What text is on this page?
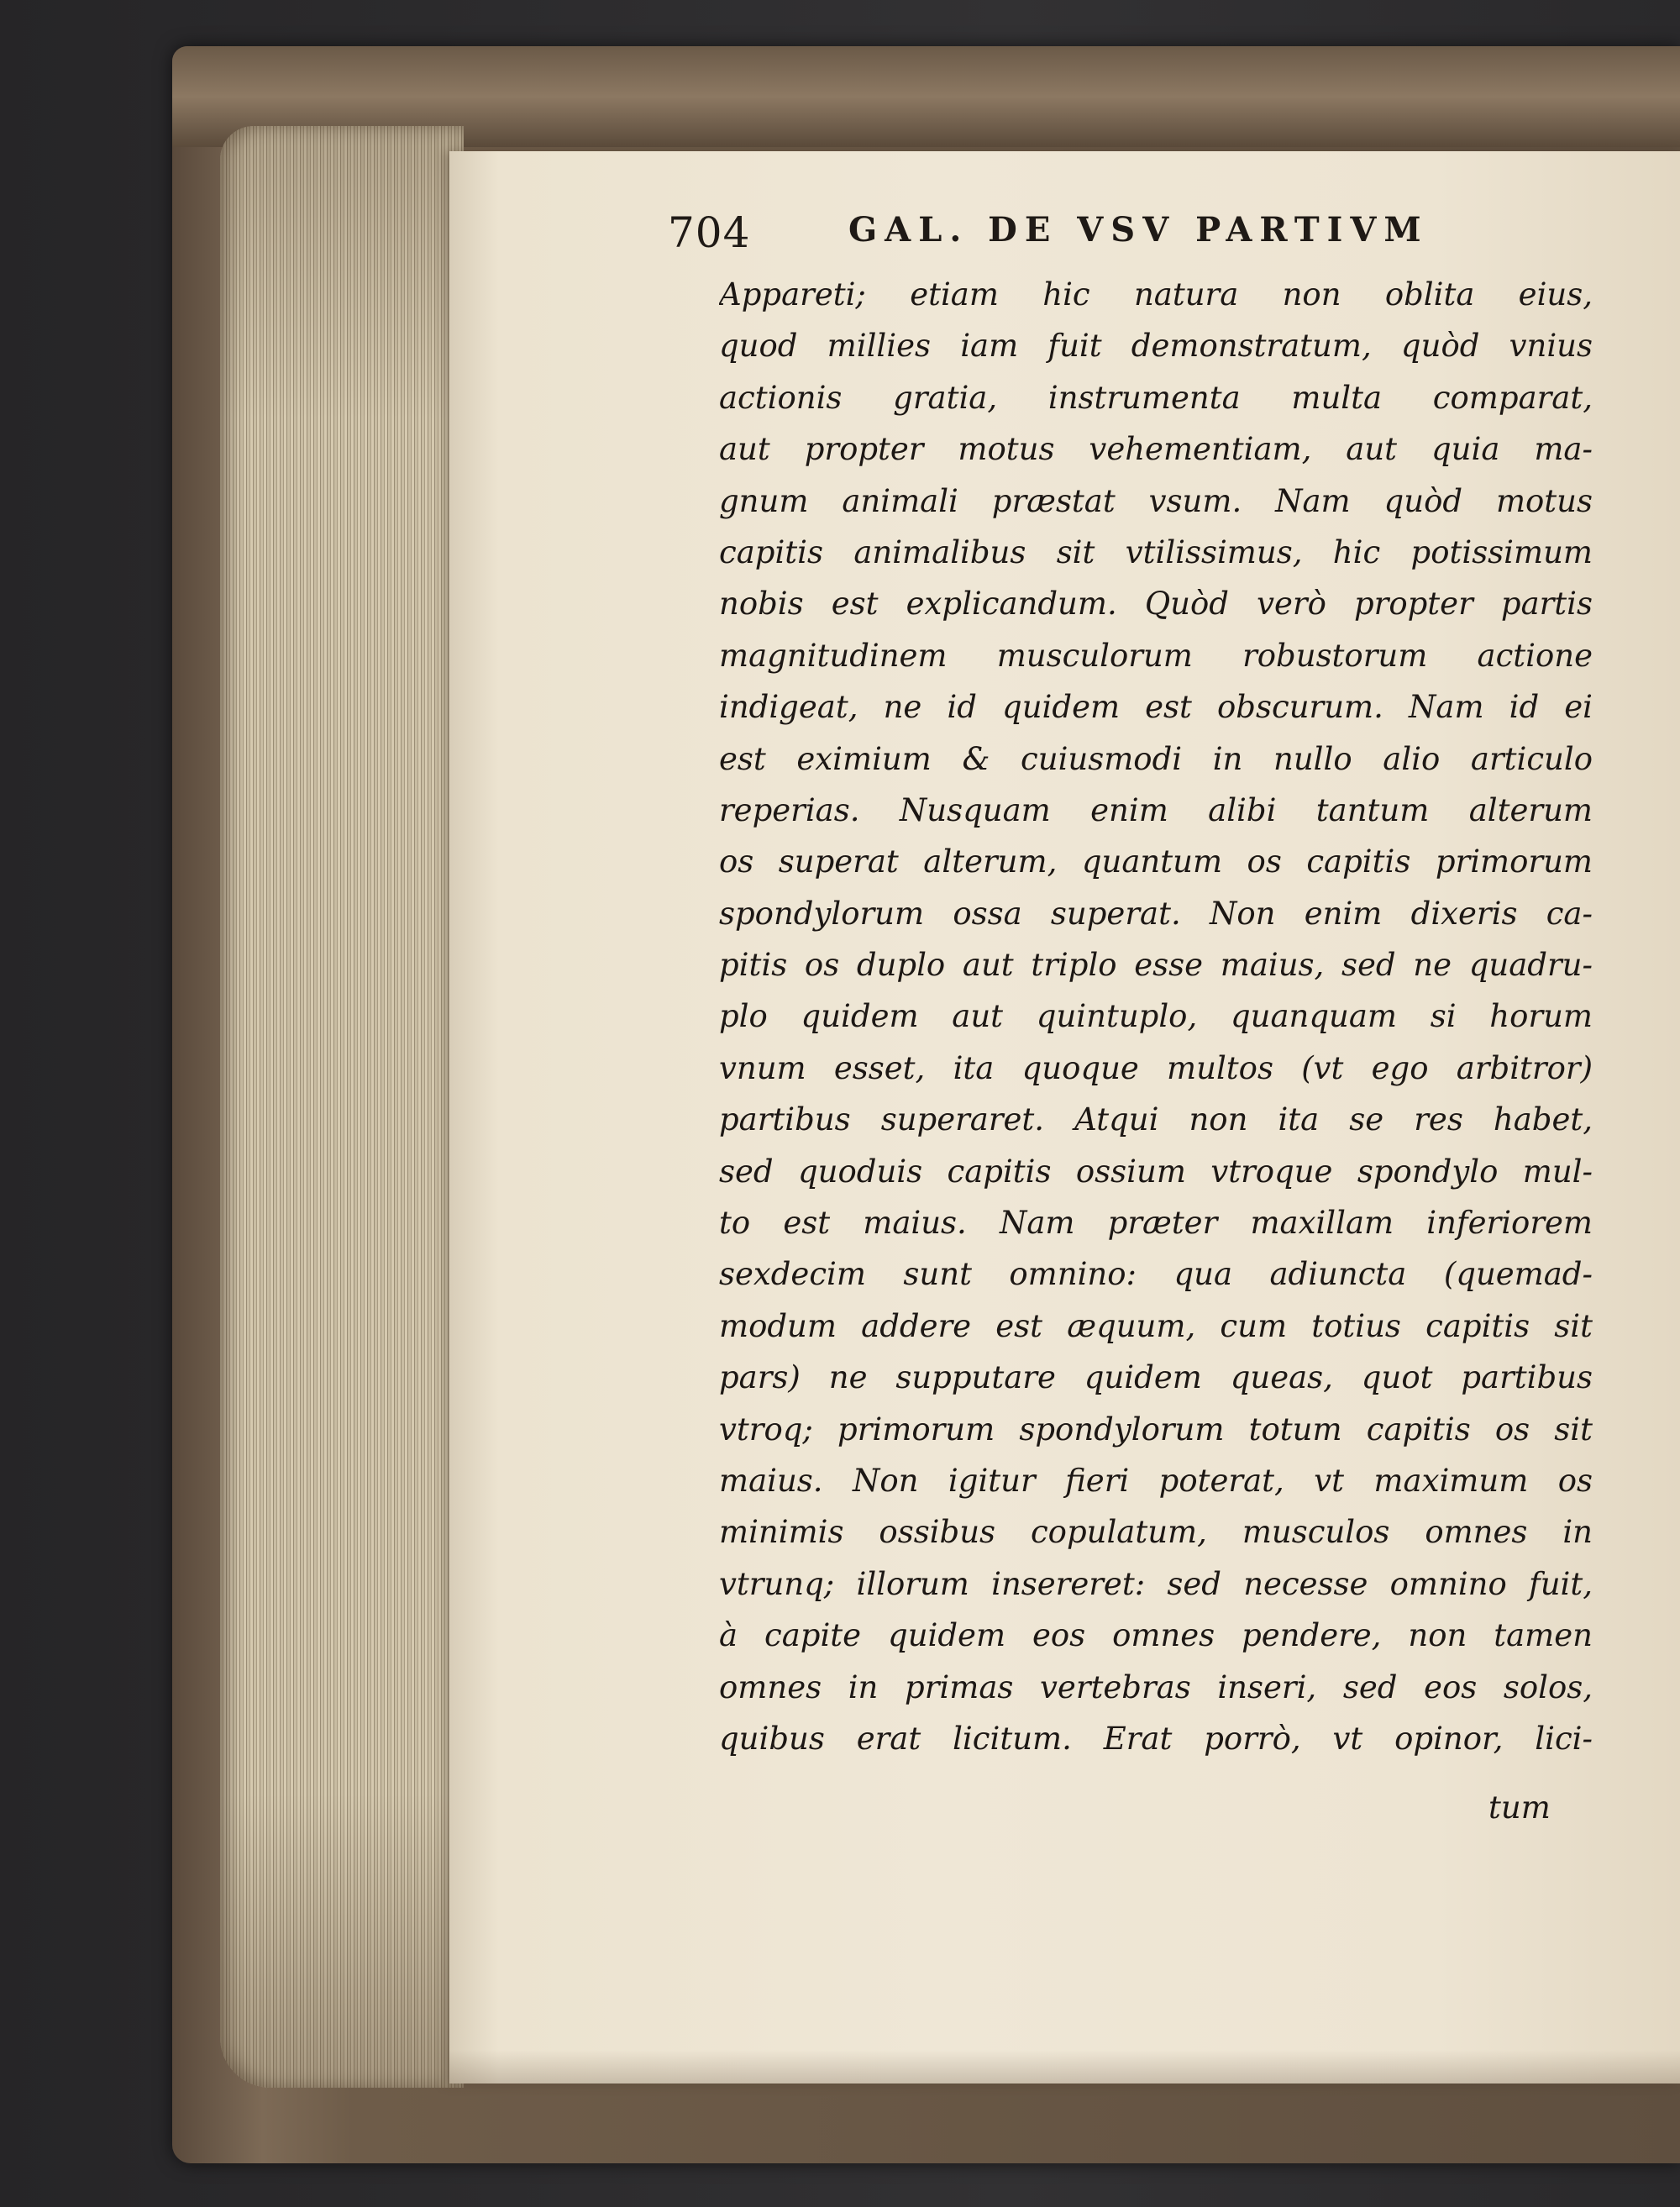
704	GAL. DE VSV PARTIVM
Appareti; etiam hic natura non oblita eius,
quod millies iam fuit demonstratum, quòd vnius
actionis gratia, instrumenta multa comparat,
aut propter motus vehementiam, aut quia ma-
gnum animali præstat vsum. Nam quòd motus
capitis animalibus sit vtilissimus, hic potissimum
nobis est explicandum. Quòd verò propter partis
magnitudinem musculorum robustorum actione
indigeat, ne id quidem est obscurum. Nam id ei
est eximium & cuiusmodi in nullo alio articulo
reperias. Nusquam enim alibi tantum alterum
os superat alterum, quantum os capitis primorum
spondylorum ossa superat. Non enim dixeris ca-
pitis os duplo aut triplo esse maius, sed ne quadru-
plo quidem aut quintuplo, quanquam si horum
vnum esset, ita quoque multos (vt ego arbitror)
partibus superaret. Atqui non ita se res habet,
sed quoduis capitis ossium vtroque spondylo mul-
to est maius. Nam præter maxillam inferiorem
sexdecim sunt omnino: qua adiuncta (quemad-
modum addere est æquum, cum totius capitis sit
pars) ne supputare quidem queas, quot partibus
vtroq; primorum spondylorum totum capitis os sit
maius. Non igitur fieri poterat, vt maximum os
minimis ossibus copulatum, musculos omnes in
vtrunq; illorum insereret: sed necesse omnino fuit,
à capite quidem eos omnes pendere, non tamen
omnes in primas vertebras inseri, sed eos solos,
quibus erat licitum. Erat porrò, vt opinor, lici-
tum
